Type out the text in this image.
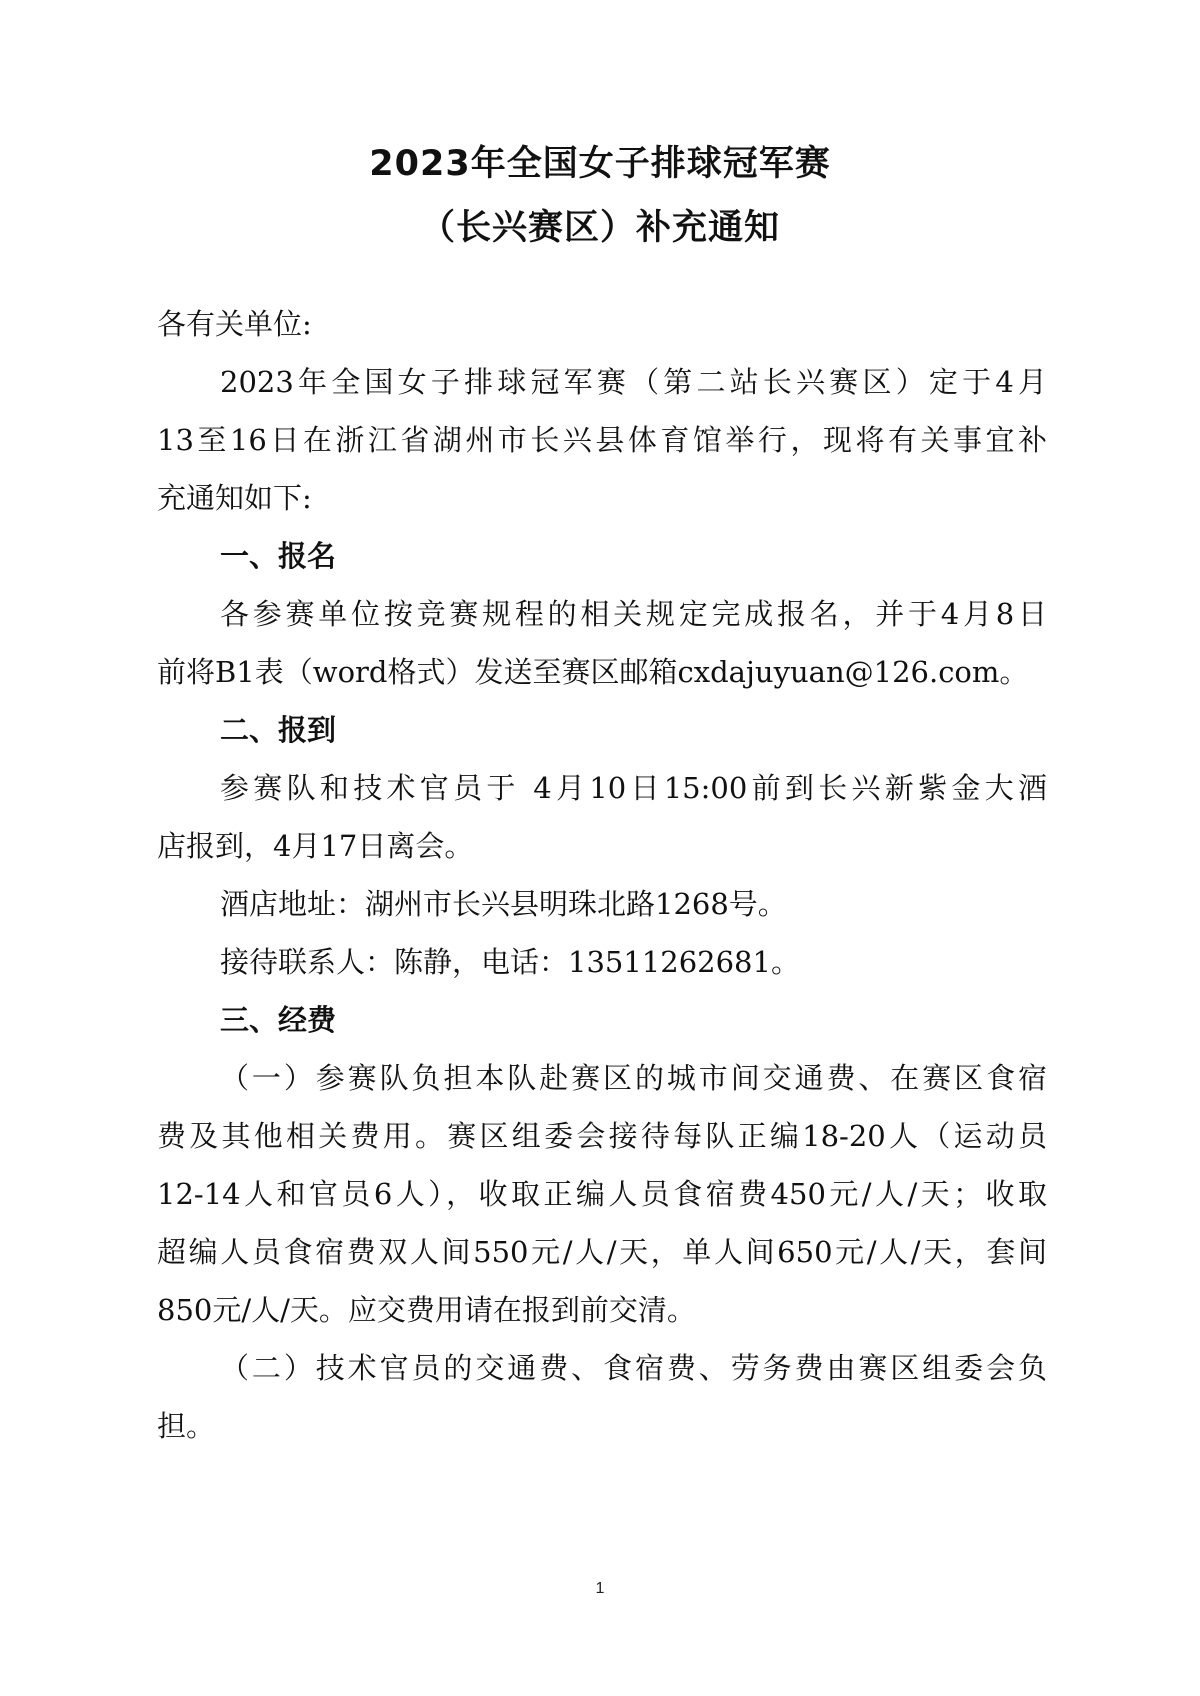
2023年全国女子排球冠军赛
（长兴赛区）补充通知
各有关单位:
2023年全国女子排球冠军赛（第二站长兴赛区）定于4月
13至16日在浙江省湖州市长兴县体育馆举行，现将有关事宜补
充通知如下:
一、报名
各参赛单位按竞赛规程的相关规定完成报名，并于4月8日
前将B1表（word格式）发送至赛区邮箱cxdajuyuan@126.com。
二、报到
参赛队和技术官员于 4月10日15:00前到长兴新紫金大酒
店报到，4月17日离会。
酒店地址：湖州市长兴县明珠北路1268号。
接待联系人：陈静，电话：13511262681。
三、经费
（一）参赛队负担本队赴赛区的城市间交通费、在赛区食宿
费及其他相关费用。赛区组委会接待每队正编18-20人（运动员
12-14人和官员6人），收取正编人员食宿费450元/人/天；收取
超编人员食宿费双人间550元/人/天，单人间650元/人/天，套间
850元/人/天。应交费用请在报到前交清。
（二）技术官员的交通费、食宿费、劳务费由赛区组委会负
担。
1
